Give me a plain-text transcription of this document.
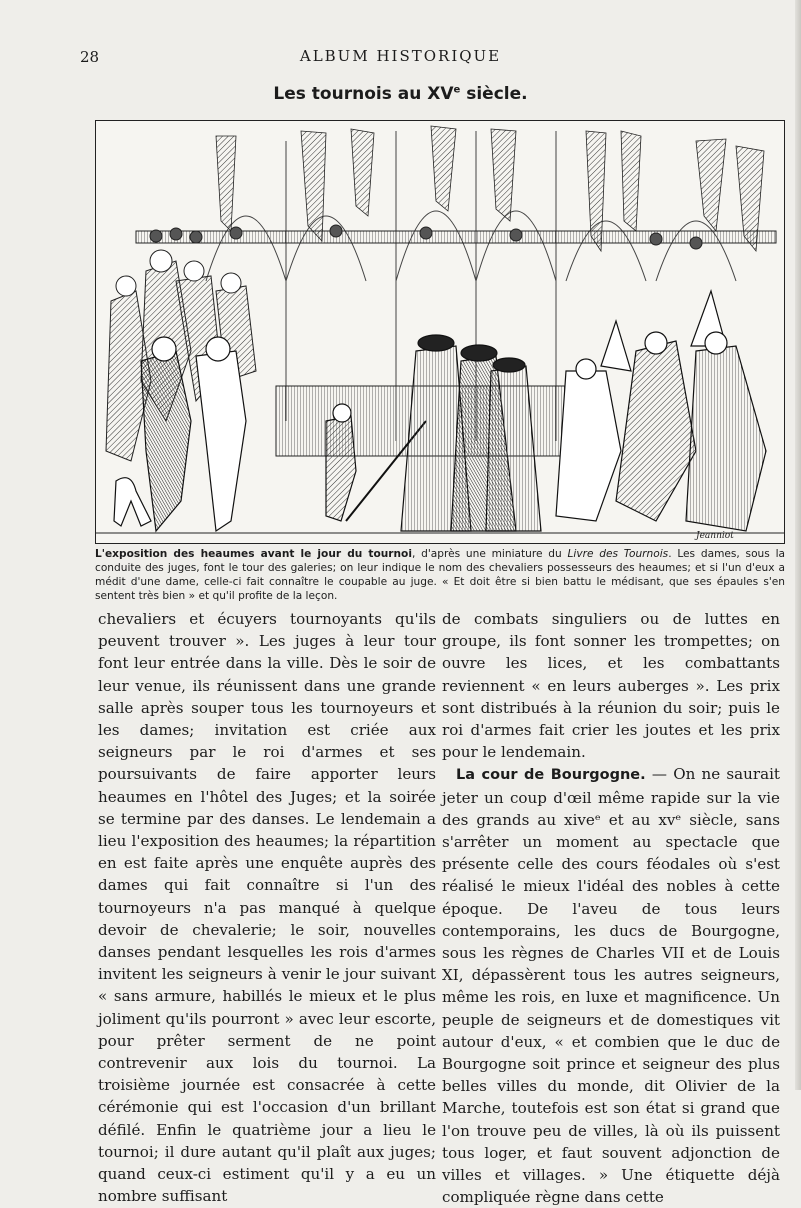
28	ALBUM HISTORIQUE
Les tournois au XVe siècle.
Jeanniot
L'exposition des heaumes avant le jour du tournoi, d'après une miniature du Livre des Tournois. Les dames, sous la conduite des juges, font le tour des galeries; on leur indique le nom des chevaliers possesseurs des heaumes; et si l'un d'eux a médit d'une dame, celle-ci fait connaître le coupable au juge. « Et doit être si bien battu le médisant, que ses épaules s'en sentent très bien » et qu'il profite de la leçon.

chevaliers et écuyers tournoyants qu'ils peuvent trouver ». Les juges à leur tour font leur entrée dans la ville. Dès le soir de leur venue, ils réunissent dans une grande salle après souper tous les tournoyeurs et les dames; invitation est criée aux seigneurs par le roi d'armes et ses poursuivants de faire apporter leurs heaumes en l'hôtel des Juges; et la soirée se termine par des danses. Le lendemain a lieu l'exposition des heaumes; la répartition en est faite après une enquête auprès des dames qui fait connaître si l'un des tournoyeurs n'a pas manqué à quelque devoir de chevalerie; le soir, nouvelles danses pendant lesquelles les rois d'armes invitent les seigneurs à venir le jour suivant « sans armure, habillés le mieux et le plus joliment qu'ils pourront » avec leur escorte, pour prêter serment de ne point contrevenir aux lois du tournoi. La troisième journée est consacrée à cette cérémonie qui est l'occasion d'un brillant défilé. Enfin le quatrième jour a lieu le tournoi; il dure autant qu'il plaît aux juges; quand ceux-ci estiment qu'il y a eu un nombre suffisant

de combats singuliers ou de luttes en groupe, ils font sonner les trompettes; on ouvre les lices, et les combattants reviennent « en leurs auberges ». Les prix sont distribués à la réunion du soir; puis le roi d'armes fait crier les joutes et les prix pour le lendemain.

La cour de Bourgogne. — On ne saurait jeter un coup d'œil même rapide sur la vie des grands au xiveᵉ et au xvᵉ siècle, sans s'arrêter un moment au spectacle que présente celle des cours féodales où s'est réalisé le mieux l'idéal des nobles à cette époque. De l'aveu de tous leurs contemporains, les ducs de Bourgogne, sous les règnes de Charles VII et de Louis XI, dépassèrent tous les autres seigneurs, même les rois, en luxe et magnificence. Un peuple de seigneurs et de domestiques vit autour d'eux, « et combien que le duc de Bourgogne soit prince et seigneur des plus belles villes du monde, dit Olivier de la Marche, toutefois est son état si grand que l'on trouve peu de villes, là où ils puissent tous loger, et faut souvent adjonction de villes et villages. » Une étiquette déjà compliquée règne dans cette
